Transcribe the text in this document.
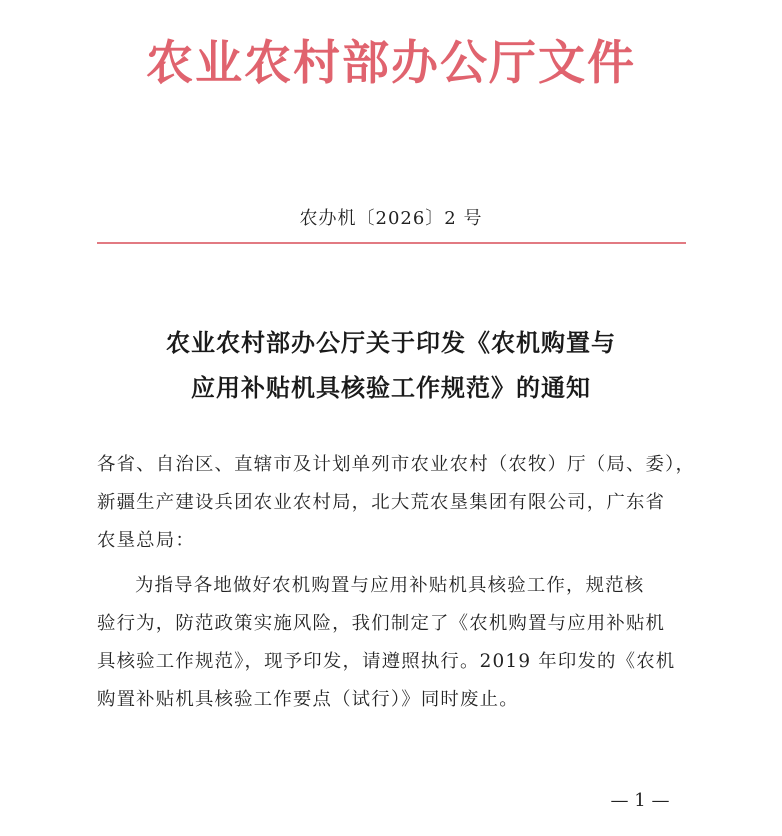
农业农村部办公厅文件
农办机〔2026〕2 号
农业农村部办公厅关于印发《农机购置与
应用补贴机具核验工作规范》的通知
各省、自治区、直辖市及计划单列市农业农村（农牧）厅（局、委），
新疆生产建设兵团农业农村局，北大荒农垦集团有限公司，广东省
农垦总局：
为指导各地做好农机购置与应用补贴机具核验工作，规范核
验行为，防范政策实施风险，我们制定了《农机购置与应用补贴机
具核验工作规范》，现予印发，请遵照执行。2019 年印发的《农机
购置补贴机具核验工作要点（试行）》同时废止。
— 1 —
